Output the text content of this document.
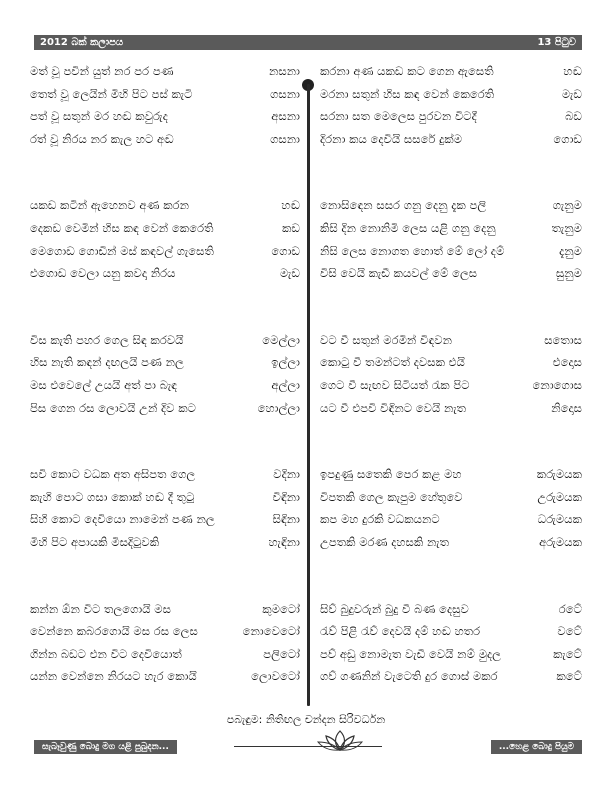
2012 බක් කලාපය	13 පිටුව
මත් වූ පවින් යුත් නර පර පණ	නසනා
තෙත් වූ ලෙයින් මිහි පිට පස් කැටි	ගසනා
පත් වූ සතුන් මර හඬ කවුරුද	අසනා
රත් වූ නිරය නර කැල හට අඬ	ගසනා
යකඩ කටින් ඇහෙනව අණ කරන	හඬ
දෙකඩ වෙමින් හිස කඳ වෙන් කෙරෙති	කඩ
මෙගොඩ ගොඩින් මස් කඳවල් ගැසෙති	ගොඩ
එගොඩ වෙලා යනු කවදා නිරය	මැඩ
විස කැති පහර ගෙල සිඳ කරවයි	මෙල්ලා
හිස නැති කඳන් දඟලයි පණ නල	ඉල්ලා
මස එවෙලේ උයයි අත් පා බැඳ	අල්ලා
පිස ගෙන රස ලොවයි උන් දිව කට	හොල්ලා
සවි කොට වධක අත අසිපත ගෙල	වදිනා
කැහි පොට ගසා කොක් හඬ දී තුටු	විඳිනා
සිහි කොට දෙවියො නාමෙන් පණ නල	සිඳිනා
මිහි පිට අපායකි මිසදිටුවකි	හැඳිනා
කන්න ඕන විට තලගොයි මස	කුමටෝ
වෙන්නෙ කබරගොයි මස රස ලෙස	නොවෙටෝ
ගින්න බඩට එන විට දෙවියොත්	පලිටෝ
යන්න වෙන්නෙ නිරයට හැර කොයි	ලොවටෝ
කරනා අණ යකඩ කට ගෙන ඇසෙති	හඬ
මරනා සතුන් හිස කඳ වෙන් කෙරෙති	මැඩ
සරනා සත මෙලෙස පුරවන විටදී	බඩ
දිරනා කය දෙවියි සසරේ දුක්ම	ගොඩ
නොසිඳෙන සසර ගනු දෙනු දැක පලි	ගැනුම
කිසි දින නොනිමි ලෙස යළි ගනු දෙනු	තැනුම
නිසි ලෙස නොගත හොත් මේ ලෝ දම්	දැනුම
විසි වෙයි කැඩී කයවල් මේ ලෙස	සුනුම
වට වී සතුන් මරමින් විඳවන	සතොස
කොටු වී තමන්ටත් දවසක එයි	එදොස
ගෙට වී සැඟව සිටියත් රැක පිට	නොගොස
යට වී එපවි විඳිනට වෙයි නැත	නිදොස
ඉපදුණු සතෙකි පෙර කළ මහ	කරුමයක
විපතකි ගෙල කැපුම හේතුවෙ	උරුමයක
කප මහ දුරකි වධකයනට	ධරුමයක
උපතකි මරණ දහසකි නැත	අරුමයක
සිව් බුදුවරුන් බුදු වී බණ දෙසුව	රටේ
රැව් පිළි රැව් දෙවයි දම් හඬ හතර	වටේ
පව් අඩු නොමැත වැඩී වෙයි නම් මුදල	කැටේ
ගව් ගණනින් වැටෙති දුර ගොස් මකර	කටේ
පබැඳුම: නිතිඟල චන්දන සිරිවර්ධන
සැබෑවුණු බොදු මග යළි පුබුදන...	...හෙළ බොදු පියුම
